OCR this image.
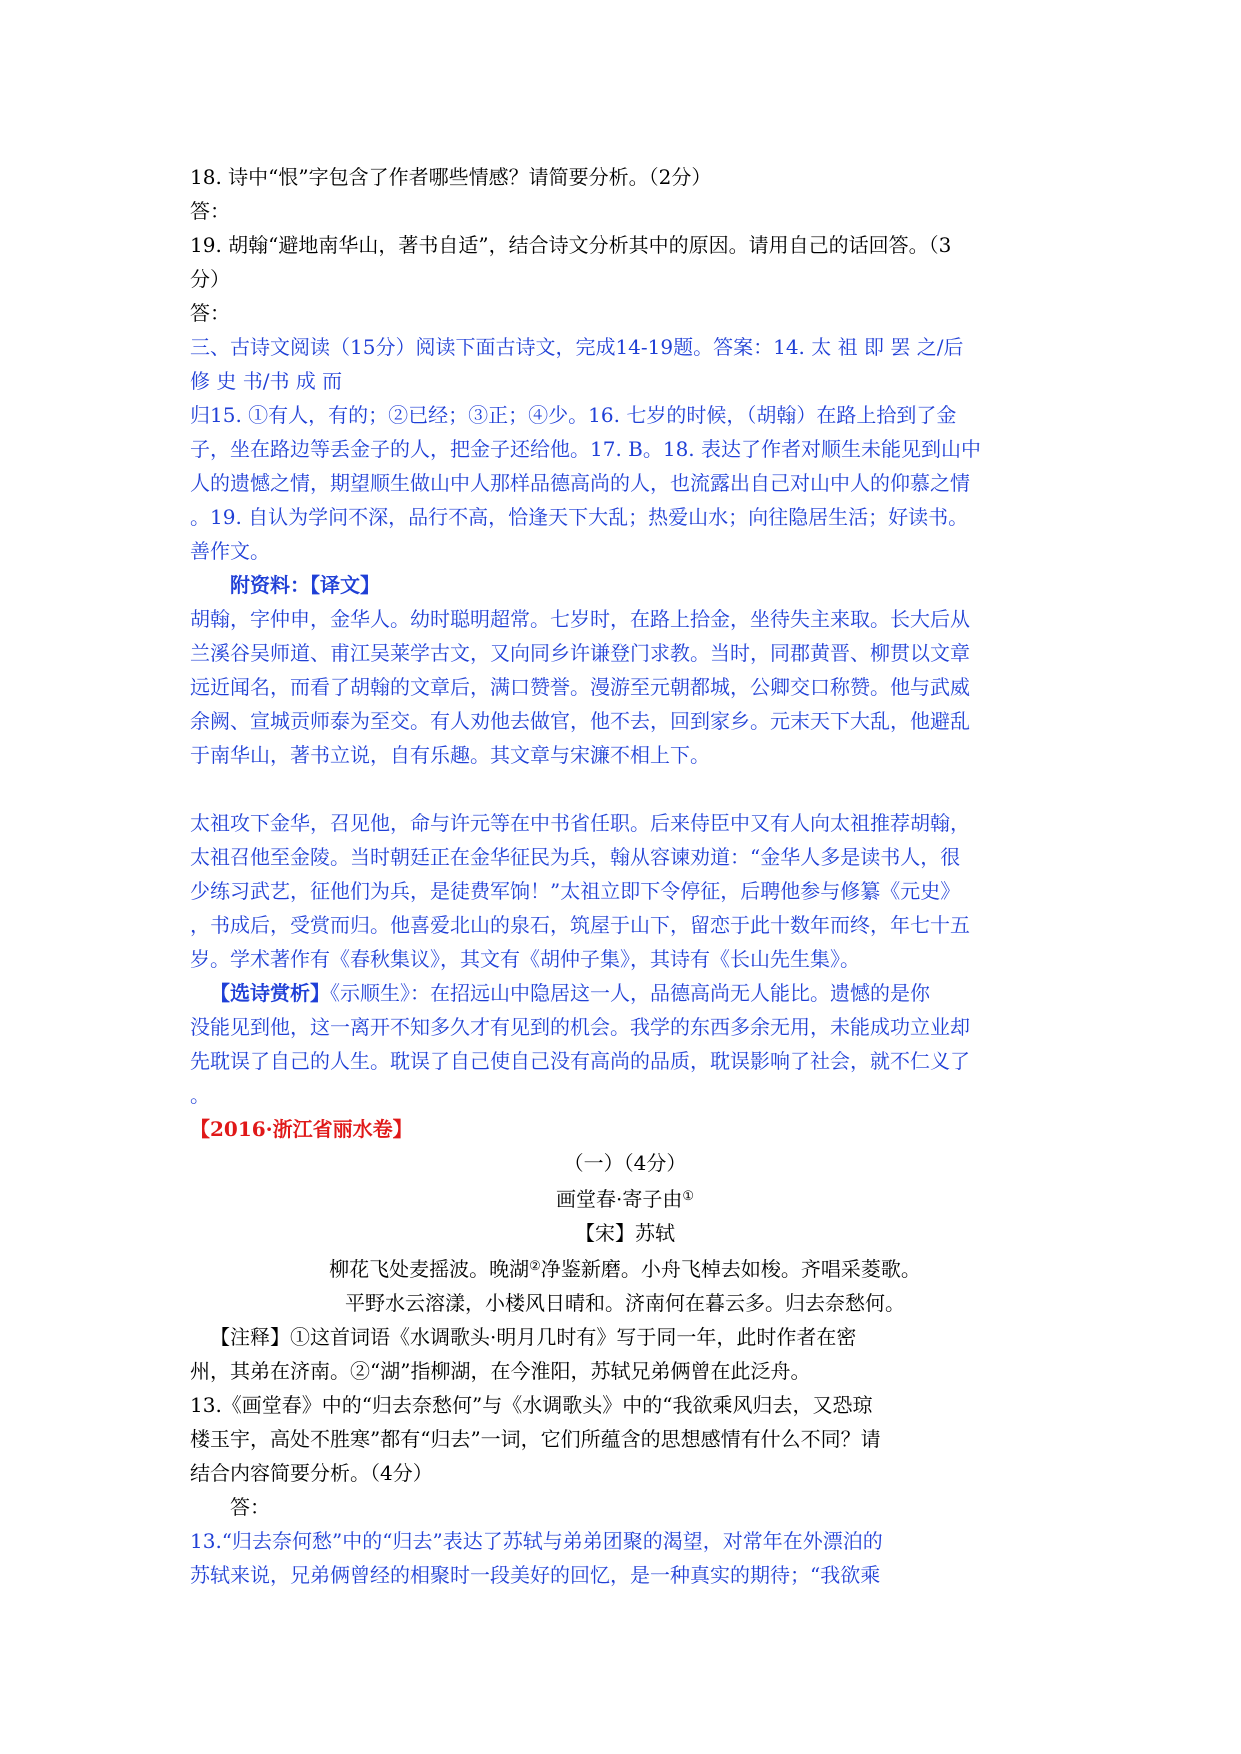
18. 诗中“恨”字包含了作者哪些情感？请简要分析。（2分）
答：
19. 胡翰“避地南华山，著书自适”，结合诗文分析其中的原因。请用自己的话回答。（3
分）
答：
三、古诗文阅读（15分）阅读下面古诗文，完成14-19题。答案：14. 太 祖 即 罢 之/后
修 史 书/书 成 而
归15. ①有人，有的；②已经；③正；④少。16. 七岁的时候，（胡翰）在路上拾到了金
子，坐在路边等丢金子的人，把金子还给他。17. B。18. 表达了作者对顺生未能见到山中
人的遗憾之情，期望顺生做山中人那样品德高尚的人，也流露出自己对山中人的仰慕之情
。19. 自认为学问不深，品行不高，恰逢天下大乱；热爱山水；向往隐居生活；好读书。
善作文。
附资料：【译文】
胡翰，字仲申，金华人。幼时聪明超常。七岁时，在路上拾金，坐待失主来取。长大后从
兰溪谷吴师道、甫江吴莱学古文，又向同乡许谦登门求教。当时，同郡黄晋、柳贯以文章
远近闻名，而看了胡翰的文章后，满口赞誉。漫游至元朝都城，公卿交口称赞。他与武威
余阙、宣城贡师泰为至交。有人劝他去做官，他不去，回到家乡。元末天下大乱，他避乱
于南华山，著书立说，自有乐趣。其文章与宋濂不相上下。
太祖攻下金华，召见他，命与许元等在中书省任职。后来侍臣中又有人向太祖推荐胡翰，
太祖召他至金陵。当时朝廷正在金华征民为兵，翰从容谏劝道：“金华人多是读书人，很
少练习武艺，征他们为兵，是徒费军饷！”太祖立即下令停征，后聘他参与修纂《元史》
，书成后，受赏而归。他喜爱北山的泉石，筑屋于山下，留恋于此十数年而终，年七十五
岁。学术著作有《春秋集议》，其文有《胡仲子集》，其诗有《长山先生集》。
【选诗赏析】《示顺生》：在招远山中隐居这一人，品德高尚无人能比。遗憾的是你
没能见到他，这一离开不知多久才有见到的机会。我学的东西多余无用，未能成功立业却
先耽误了自己的人生。耽误了自己使自己没有高尚的品质，耽误影响了社会，就不仁义了
。
【2016·浙江省丽水卷】
（一）（4分）
画堂春·寄子由①
【宋】苏轼
柳花飞处麦摇波。晚湖②净鉴新磨。小舟飞棹去如梭。齐唱采菱歌。
平野水云溶漾，小楼风日晴和。济南何在暮云多。归去奈愁何。
【注释】①这首词语《水调歌头·明月几时有》写于同一年，此时作者在密
州，其弟在济南。②“湖”指柳湖，在今淮阳，苏轼兄弟俩曾在此泛舟。
13.《画堂春》中的“归去奈愁何”与《水调歌头》中的“我欲乘风归去，又恐琼
楼玉宇，高处不胜寒”都有“归去”一词，它们所蕴含的思想感情有什么不同？请
结合内容简要分析。（4分）
答：
13.“归去奈何愁”中的“归去”表达了苏轼与弟弟团聚的渴望，对常年在外漂泊的
苏轼来说，兄弟俩曾经的相聚时一段美好的回忆，是一种真实的期待；“我欲乘
